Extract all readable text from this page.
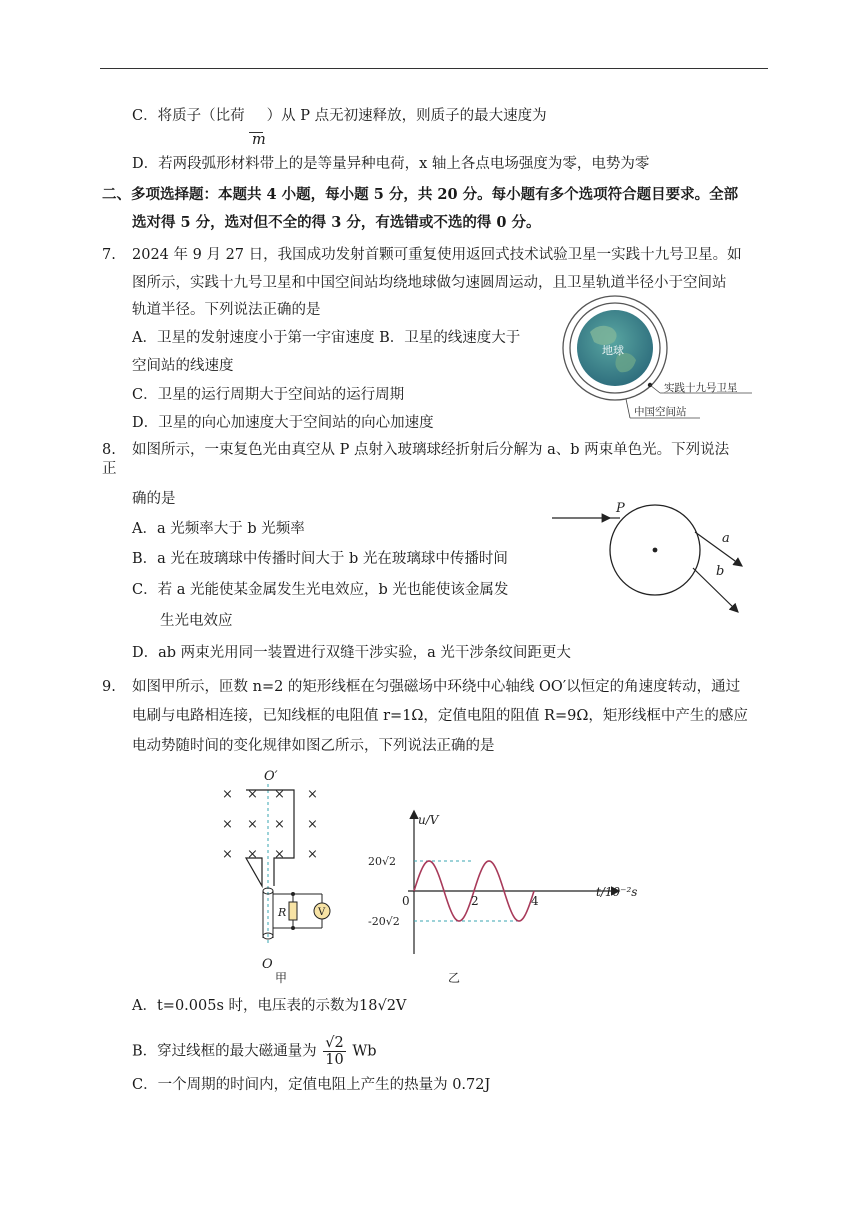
C．将质子（比荷 ）从 P 点无初速释放，则质子的最大速度为
m
D．若两段弧形材料带上的是等量异种电荷，x 轴上各点电场强度为零，电势为零
二、多项选择题：本题共 4 小题，每小题 5 分，共 20 分。每小题有多个选项符合题目要求。全部
选对得 5 分，选对但不全的得 3 分，有选错或不选的得 0 分。
7. 2024 年 9 月 27 日，我国成功发射首颗可重复使用返回式技术试验卫星一实践十九号卫星。如
图所示，实践十九号卫星和中国空间站均绕地球做匀速圆周运动，且卫星轨道半径小于空间站
轨道半径。下列说法正确的是
A．卫星的发射速度小于第一宇宙速度 B．卫星的线速度大于
空间站的线速度
C．卫星的运行周期大于空间站的运行周期
D．卫星的向心加速度大于空间站的向心加速度
地球
实践十九号卫星
中国空间站
8. 如图所示，一束复色光由真空从 P 点射入玻璃球经折射后分解为 a、b 两束单色光。下列说法
正
确的是
A．a 光频率大于 b 光频率
B．a 光在玻璃球中传播时间大于 b 光在玻璃球中传播时间
C．若 a 光能使某金属发生光电效应，b 光也能使该金属发
生光电效应
D．ab 两束光用同一装置进行双缝干涉实验，a 光干涉条纹间距更大
P
a
b
9. 如图甲所示，匝数 n=2 的矩形线框在匀强磁场中环绕中心轴线 OO′以恒定的角速度转动，通过
电刷与电路相连接，已知线框的电阻值 r=1Ω，定值电阻的阻值 R=9Ω，矩形线框中产生的感应
电动势随时间的变化规律如图乙所示，下列说法正确的是
O′
× × × ×
× × × ×
× × × ×
R	V
O
甲
u/V
t/10⁻²s
0	2	4
20√2
-20√2
乙
A．t=0.005s 时，电压表的示数为18√2V
B．穿过线框的最大磁通量为 $\frac{√2}{10}$ Wb
C．一个周期的时间内，定值电阻上产生的热量为 0.72J
